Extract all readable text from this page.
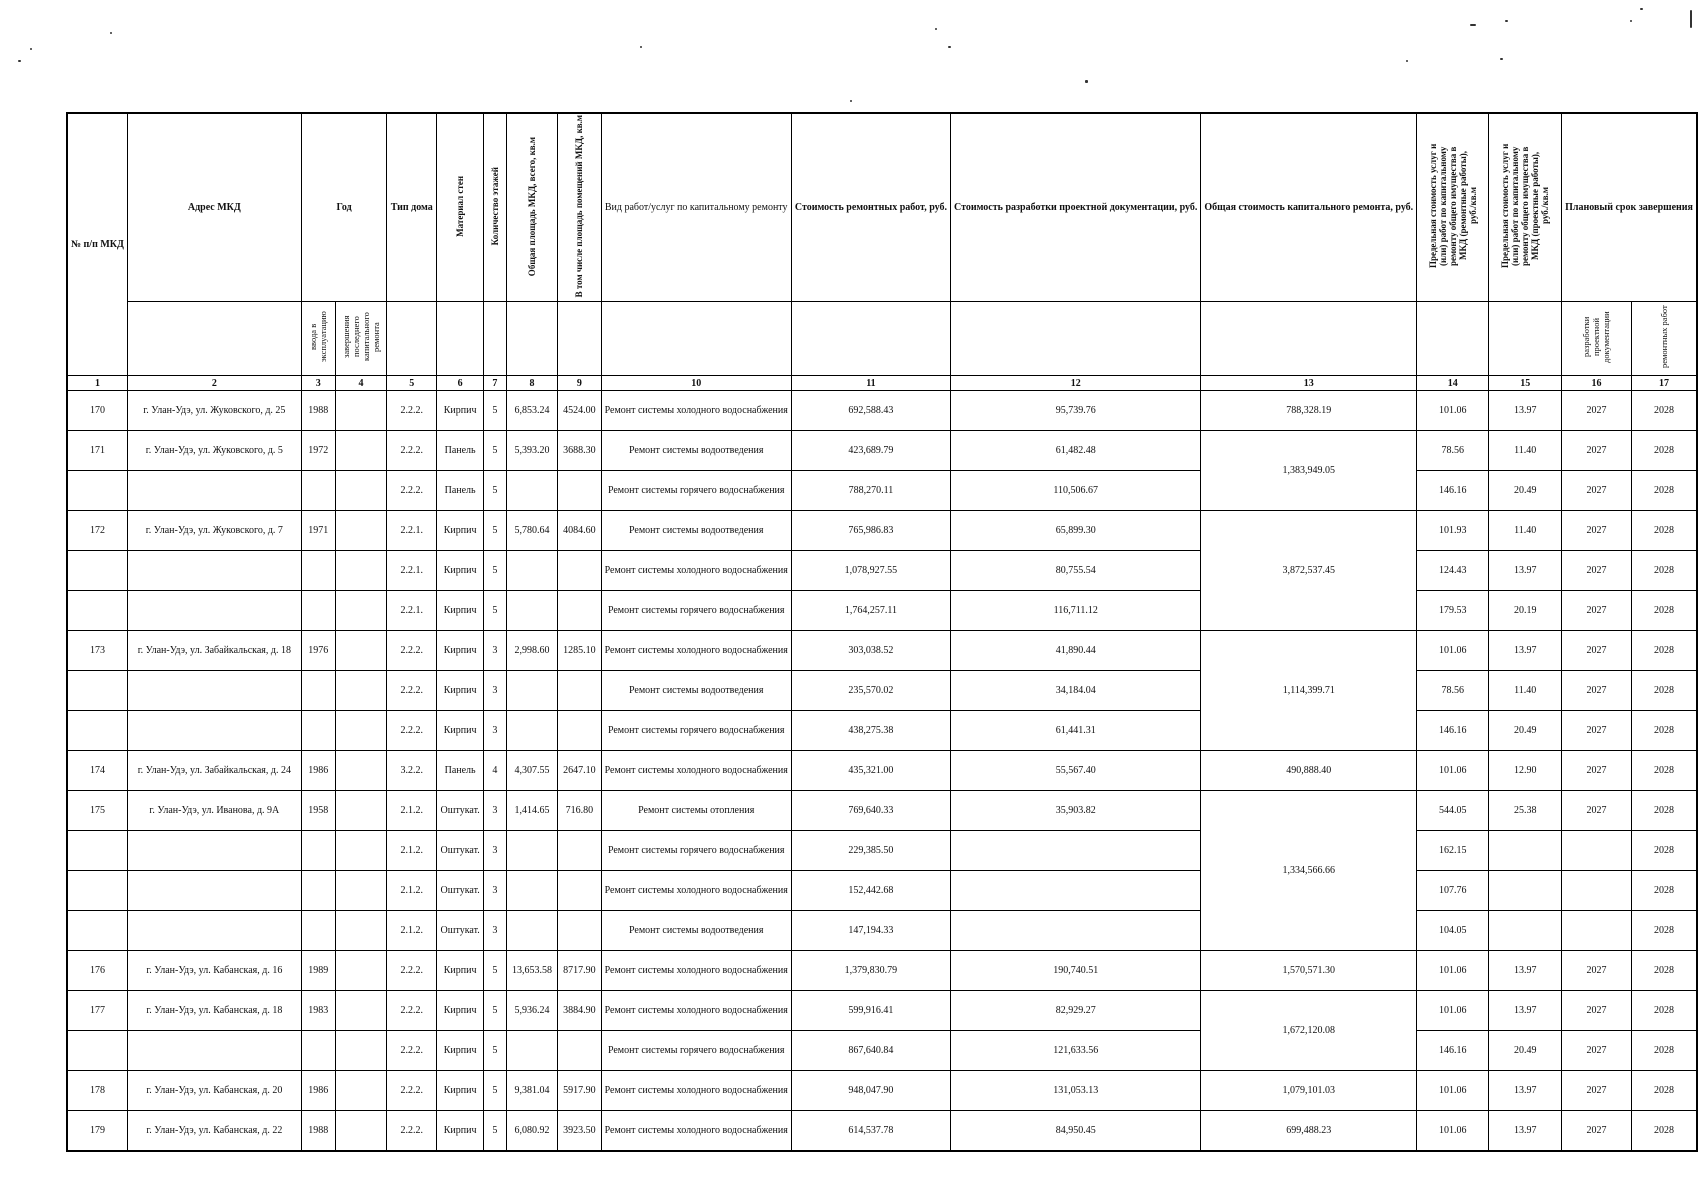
№ п/п МКД	Адрес МКД	Год		Тип дома	Материал стен	Количество этажей	Общая площадь МКД, всего, кв.м	В том числе площадь помещений МКД, кв.м	Вид работ/услуг по капитальному ремонту	Стоимость ремонтных работ, руб.	Стоимость разработки проектной документации, руб.	Общая стоимость капитального ремонта, руб.	Предельная стоимость услуг и (или) работ по капитальному ремонту общего имущества в МКД (ремонтные работы), руб./кв.м	Предельная стоимость услуг и (или) работ по капитальному ремонту общего имущества в МКД (проектные работы), руб./кв.м	Плановый срок завершения	
		ввода в эксплуатацию	завершения последнего капитального ремонта												разработки проектной документации	ремонтных работ
1	2	3	4	5	6	7	8	9	10	11	12	13	14	15	16	17
170	г. Улан-Удэ, ул. Жуковского, д. 25	1988		2.2.2.	Кирпич	5	6,853.24	4524.00	Ремонт системы холодного водоснабжения	692,588.43	95,739.76	788,328.19	101.06	13.97	2027	2028
171	г. Улан-Удэ, ул. Жуковского, д. 5	1972		2.2.2.	Панель	5	5,393.20	3688.30	Ремонт системы водоотведения	423,689.79	61,482.48	1,383,949.05	78.56	11.40	2027	2028
				2.2.2.	Панель	5			Ремонт системы горячего водоснабжения	788,270.11	110,506.67		146.16	20.49	2027	2028
172	г. Улан-Удэ, ул. Жуковского, д. 7	1971		2.2.1.	Кирпич	5	5,780.64	4084.60	Ремонт системы водоотведения	765,986.83	65,899.30	3,872,537.45	101.93	11.40	2027	2028
				2.2.1.	Кирпич	5			Ремонт системы холодного водоснабжения	1,078,927.55	80,755.54		124.43	13.97	2027	2028
				2.2.1.	Кирпич	5			Ремонт системы горячего водоснабжения	1,764,257.11	116,711.12		179.53	20.19	2027	2028
173	г. Улан-Удэ, ул. Забайкальская, д. 18	1976		2.2.2.	Кирпич	3	2,998.60	1285.10	Ремонт системы холодного водоснабжения	303,038.52	41,890.44	1,114,399.71	101.06	13.97	2027	2028
				2.2.2.	Кирпич	3			Ремонт системы водоотведения	235,570.02	34,184.04		78.56	11.40	2027	2028
				2.2.2.	Кирпич	3			Ремонт системы горячего водоснабжения	438,275.38	61,441.31		146.16	20.49	2027	2028
174	г. Улан-Удэ, ул. Забайкальская, д. 24	1986		3.2.2.	Панель	4	4,307.55	2647.10	Ремонт системы холодного водоснабжения	435,321.00	55,567.40	490,888.40	101.06	12.90	2027	2028
175	г. Улан-Удэ, ул. Иванова, д. 9А	1958		2.1.2.	Оштукат.	3	1,414.65	716.80	Ремонт системы отопления	769,640.33	35,903.82	1,334,566.66	544.05	25.38	2027	2028
				2.1.2.	Оштукат.	3			Ремонт системы горячего водоснабжения	229,385.50			162.15			2028
				2.1.2.	Оштукат.	3			Ремонт системы холодного водоснабжения	152,442.68			107.76			2028
				2.1.2.	Оштукат.	3			Ремонт системы водоотведения	147,194.33			104.05			2028
176	г. Улан-Удэ, ул. Кабанская, д. 16	1989		2.2.2.	Кирпич	5	13,653.58	8717.90	Ремонт системы холодного водоснабжения	1,379,830.79	190,740.51	1,570,571.30	101.06	13.97	2027	2028
177	г. Улан-Удэ, ул. Кабанская, д. 18	1983		2.2.2.	Кирпич	5	5,936.24	3884.90	Ремонт системы холодного водоснабжения	599,916.41	82,929.27	1,672,120.08	101.06	13.97	2027	2028
				2.2.2.	Кирпич	5			Ремонт системы горячего водоснабжения	867,640.84	121,633.56		146.16	20.49	2027	2028
178	г. Улан-Удэ, ул. Кабанская, д. 20	1986		2.2.2.	Кирпич	5	9,381.04	5917.90	Ремонт системы холодного водоснабжения	948,047.90	131,053.13	1,079,101.03	101.06	13.97	2027	2028
179	г. Улан-Удэ, ул. Кабанская, д. 22	1988		2.2.2.	Кирпич	5	6,080.92	3923.50	Ремонт системы холодного водоснабжения	614,537.78	84,950.45	699,488.23	101.06	13.97	2027	2028
